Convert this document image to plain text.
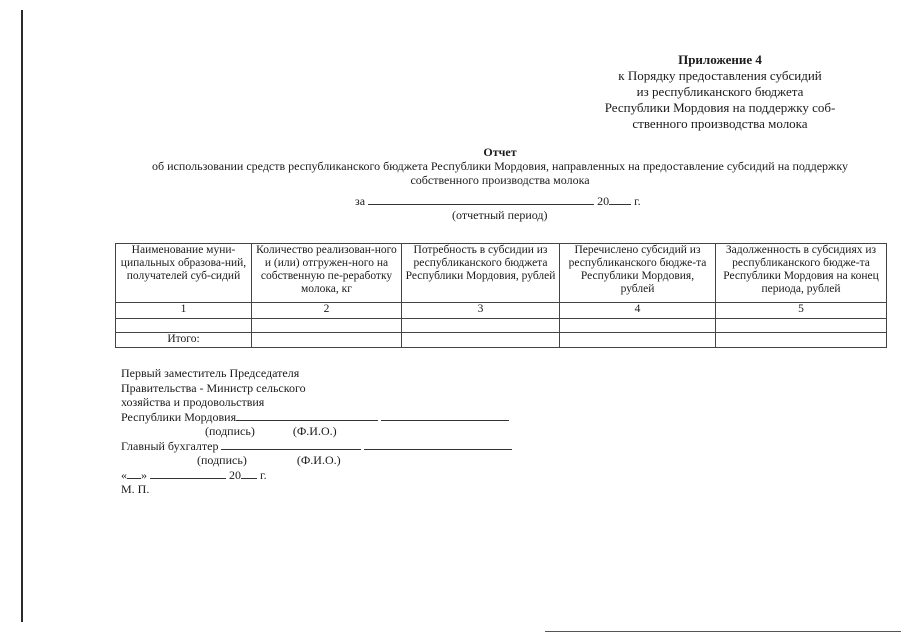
Приложение 4
к Порядку предоставления субсидий
из республиканского бюджета
Республики Мордовия на поддержку соб-
ственного производства молока
Отчет
об использовании средств республиканского бюджета Республики Мордовия, направленных на предоставление субсидий на поддержку
собственного производства молока
за	20 г.
(отчетный период)
Наименование муни-ципальных образова-ний, получателей суб-сидий	Количество реализован-ного и (или) отгружен-ного на собственную пе-реработку молока, кг	Потребность в субсидии из республиканского бюджета Республики Мордовия, рублей	Перечислено субсидий из республиканского бюдже-та Республики Мордовия, рублей	Задолженность в субсидиях из республиканского бюдже-та Республики Мордовия на конец периода, рублей
1	2	3	4	5

Итого:				
Первый заместитель Председателя
Правительства - Министр сельского
хозяйства и продовольствия
Республики Мордовия
(подпись)	(Ф.И.О.)
Главный бухгалтер
(подпись)	(Ф.И.О.)
« »	20 г.
М. П.
